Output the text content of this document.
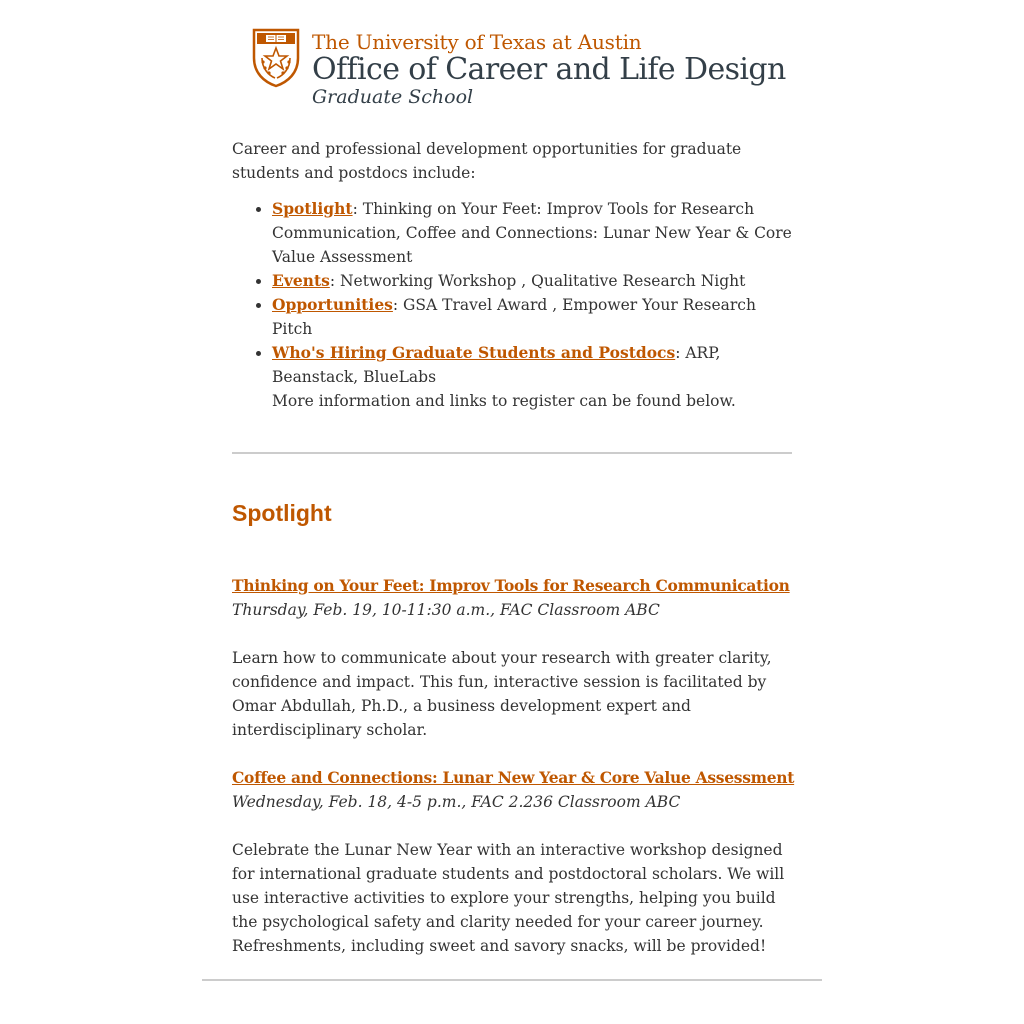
The University of Texas at Austin
Office of Career and Life Design
Graduate School
Career and professional development opportunities for graduate students and postdocs include:
• Spotlight: Thinking on Your Feet: Improv Tools for Research Communication, Coffee and Connections: Lunar New Year & Core Value Assessment
• Events: Networking Workshop , Qualitative Research Night
• Opportunities: GSA Travel Award , Empower Your Research Pitch
• Who's Hiring Graduate Students and Postdocs: ARP, Beanstack, BlueLabs
More information and links to register can be found below.
Spotlight
Thinking on Your Feet: Improv Tools for Research Communication
Thursday, Feb. 19, 10-11:30 a.m., FAC Classroom ABC
Learn how to communicate about your research with greater clarity, confidence and impact. This fun, interactive session is facilitated by Omar Abdullah, Ph.D., a business development expert and interdisciplinary scholar.
Coffee and Connections: Lunar New Year & Core Value Assessment
Wednesday, Feb. 18, 4-5 p.m., FAC 2.236 Classroom ABC
Celebrate the Lunar New Year with an interactive workshop designed for international graduate students and postdoctoral scholars. We will use interactive activities to explore your strengths, helping you build the psychological safety and clarity needed for your career journey. Refreshments, including sweet and savory snacks, will be provided!
